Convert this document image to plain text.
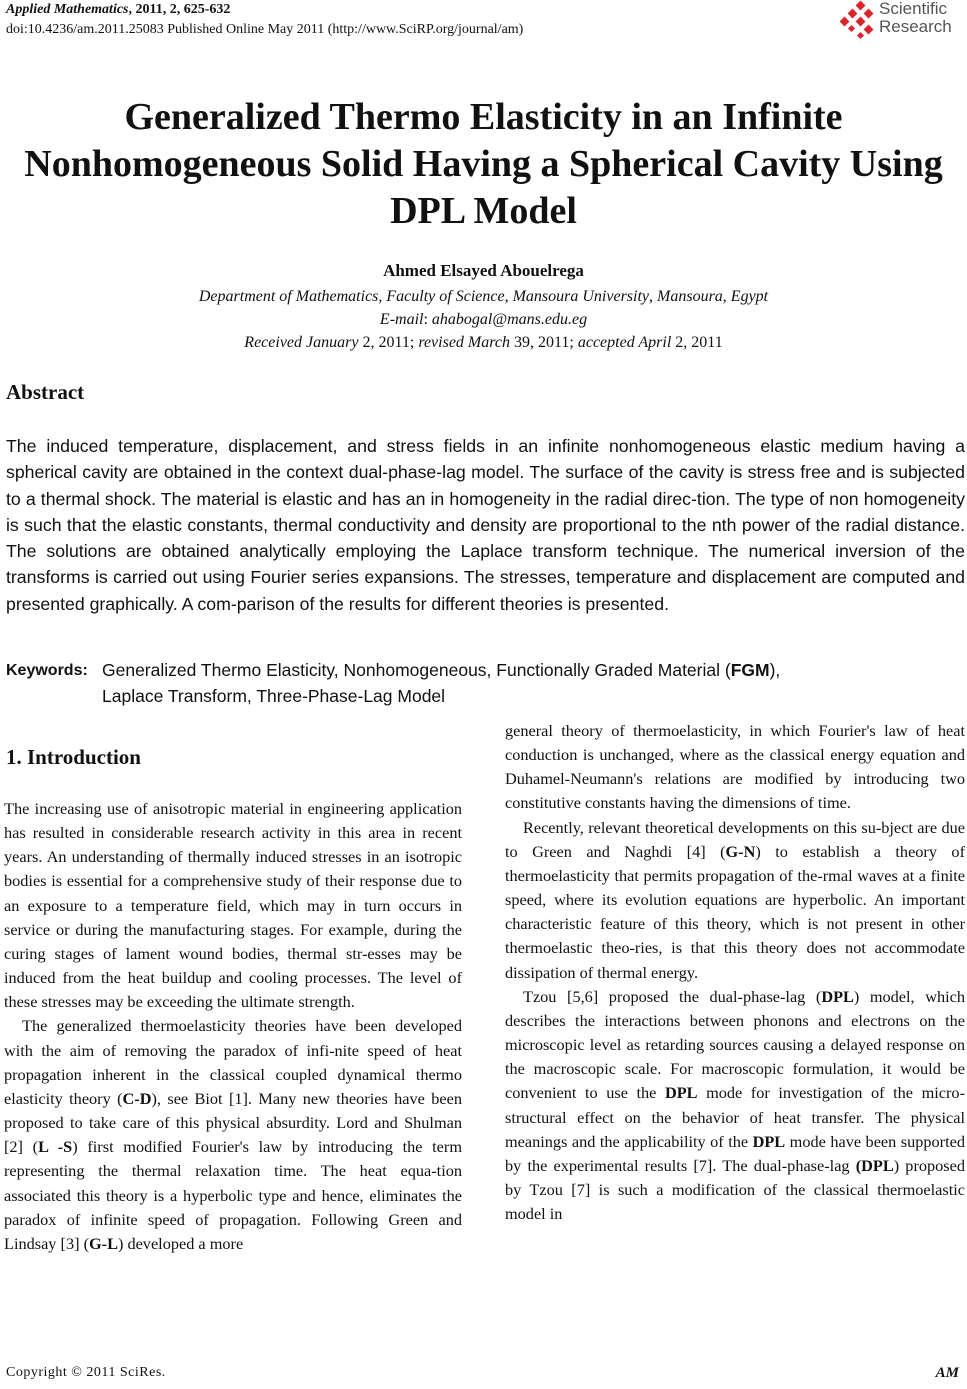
Applied Mathematics, 2011, 2, 625-632
doi:10.4236/am.2011.25083 Published Online May 2011 (http://www.SciRP.org/journal/am)
Scientific
Research
Generalized Thermo Elasticity in an Infinite Nonhomogeneous Solid Having a Spherical Cavity Using DPL Model
Ahmed Elsayed Abouelrega
Department of Mathematics, Faculty of Science, Mansoura University, Mansoura, Egypt
E-mail: ahabogal@mans.edu.eg
Received January 2, 2011; revised March 39, 2011; accepted April 2, 2011
Abstract
The induced temperature, displacement, and stress fields in an infinite nonhomogeneous elastic medium having a spherical cavity are obtained in the context dual-phase-lag model. The surface of the cavity is stress free and is subjected to a thermal shock. The material is elastic and has an in homogeneity in the radial direc-tion. The type of non homogeneity is such that the elastic constants, thermal conductivity and density are proportional to the nth power of the radial distance. The solutions are obtained analytically employing the Laplace transform technique. The numerical inversion of the transforms is carried out using Fourier series expansions. The stresses, temperature and displacement are computed and presented graphically. A com-parison of the results for different theories is presented.
Keywords: Generalized Thermo Elasticity, Nonhomogeneous, Functionally Graded Material (FGM),
Laplace Transform, Three-Phase-Lag Model
1. Introduction

The increasing use of anisotropic material in engineering application has resulted in considerable research activity in this area in recent years. An understanding of thermally induced stresses in an isotropic bodies is essential for a comprehensive study of their response due to an exposure to a temperature field, which may in turn occurs in service or during the manufacturing stages. For example, during the curing stages of lament wound bodies, thermal str-esses may be induced from the heat buildup and cooling processes. The level of these stresses may be exceeding the ultimate strength.

The generalized thermoelasticity theories have been developed with the aim of removing the paradox of infi-nite speed of heat propagation inherent in the classical coupled dynamical thermo elasticity theory (C-D), see Biot [1]. Many new theories have been proposed to take care of this physical absurdity. Lord and Shulman [2] (L -S) first modified Fourier's law by introducing the term representing the thermal relaxation time. The heat equa-tion associated this theory is a hyperbolic type and hence, eliminates the paradox of infinite speed of propagation. Following Green and Lindsay [3] (G-L) developed a more

general theory of thermoelasticity, in which Fourier's law of heat conduction is unchanged, where as the classical energy equation and Duhamel-Neumann's relations are modified by introducing two constitutive constants having the dimensions of time.

Recently, relevant theoretical developments on this su-bject are due to Green and Naghdi [4] (G-N) to establish a theory of thermoelasticity that permits propagation of the-rmal waves at a finite speed, where its evolution equations are hyperbolic. An important characteristic feature of this theory, which is not present in other thermoelastic theo-ries, is that this theory does not accommodate dissipation of thermal energy.

Tzou [5,6] proposed the dual-phase-lag (DPL) model, which describes the interactions between phonons and electrons on the microscopic level as retarding sources causing a delayed response on the macroscopic scale. For macroscopic formulation, it would be convenient to use the DPL mode for investigation of the micro-structural effect on the behavior of heat transfer. The physical meanings and the applicability of the DPL mode have been supported by the experimental results [7]. The dual-phase-lag (DPL) proposed by Tzou [7] is such a modification of the classical thermoelastic model in

Copyright © 2011 SciRes.	AM
